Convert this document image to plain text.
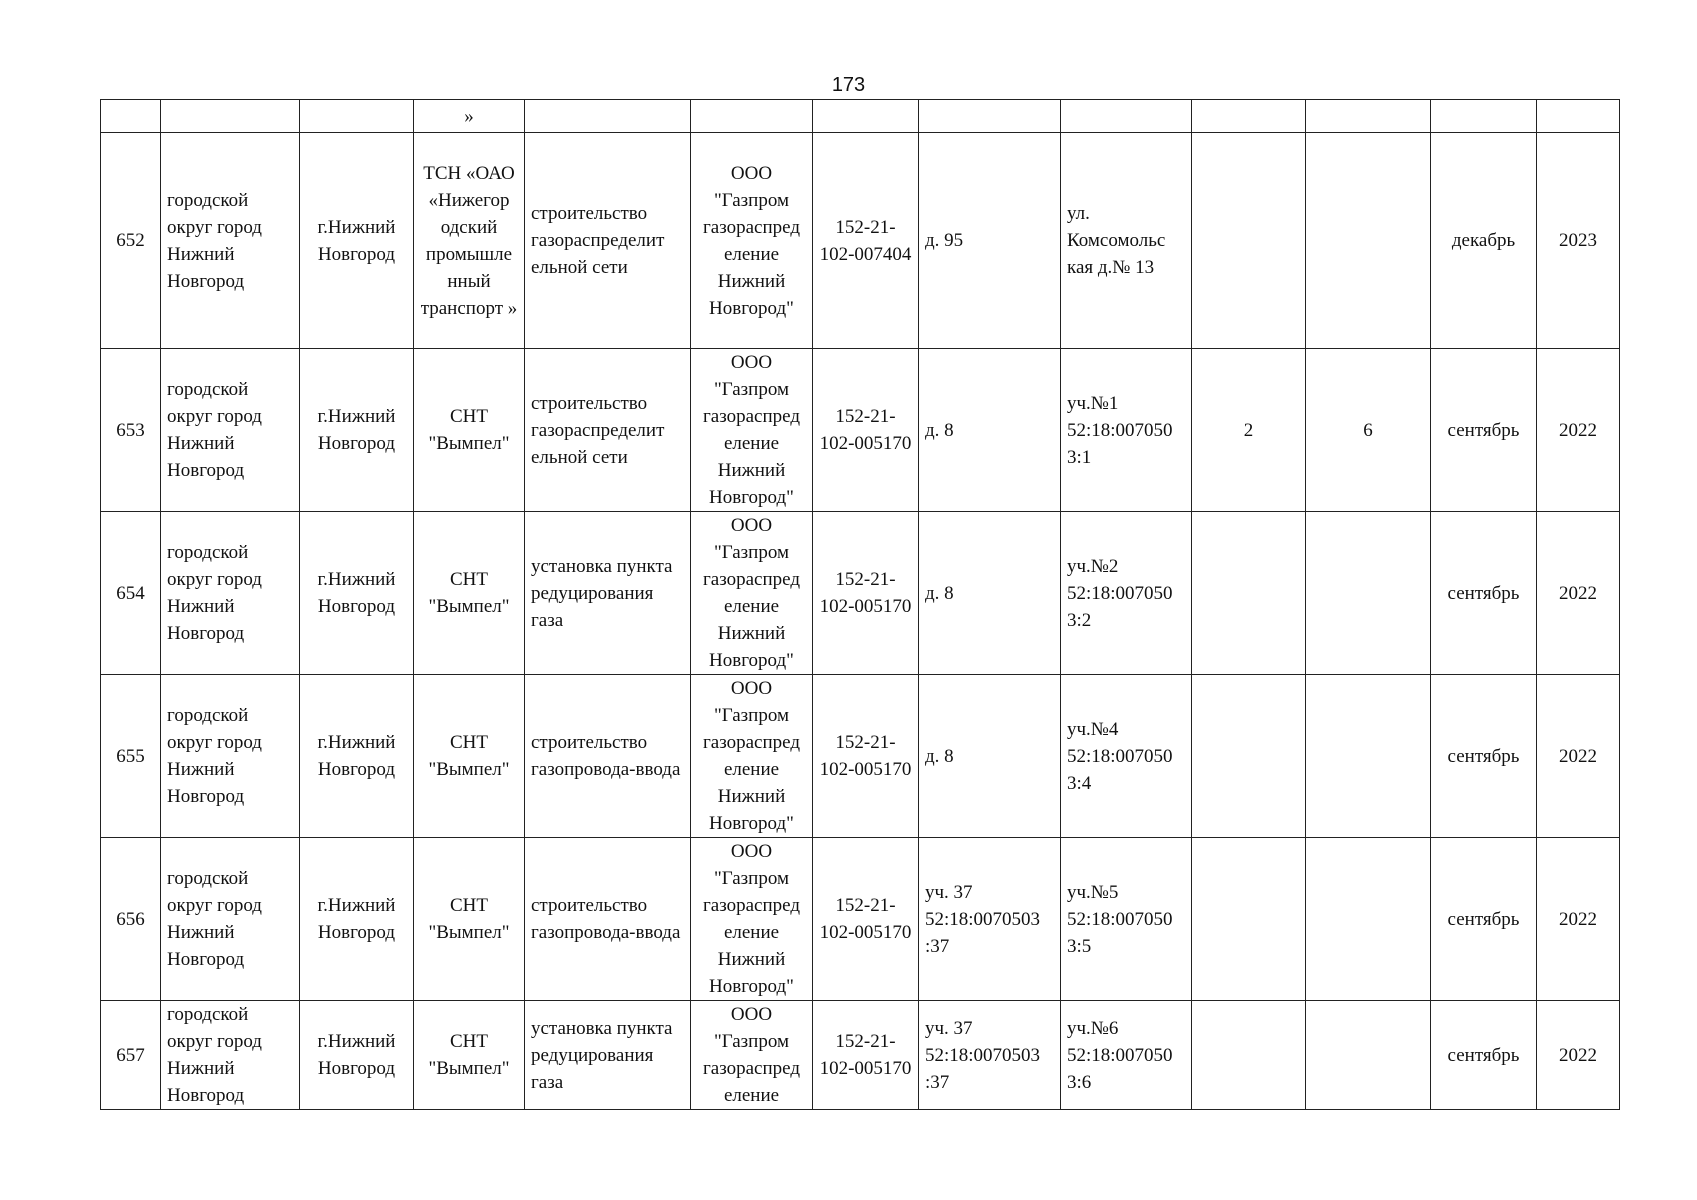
173
			»									
652	городской округ город Нижний Новгород	г.Нижний Новгород	ТСН «ОАО «Нижегор одский промышле нный транспорт »	строительство газораспределит ельной сети	ООО "Газпром газораспред еление Нижний Новгород"	152-21-102-007404	д. 95	ул. Комсомольс кая д.№ 13			декабрь	2023
653	городской округ город Нижний Новгород	г.Нижний Новгород	СНТ "Вымпел"	строительство газораспределит ельной сети	ООО "Газпром газораспред еление Нижний Новгород"	152-21-102-005170	д. 8	уч.№1 52:18:007050 3:1	2	6	сентябрь	2022
654	городской округ город Нижний Новгород	г.Нижний Новгород	СНТ "Вымпел"	установка пункта редуцирования газа	ООО "Газпром газораспред еление Нижний Новгород"	152-21-102-005170	д. 8	уч.№2 52:18:007050 3:2			сентябрь	2022
655	городской округ город Нижний Новгород	г.Нижний Новгород	СНТ "Вымпел"	строительство газопровода-ввода	ООО "Газпром газораспред еление Нижний Новгород"	152-21-102-005170	д. 8	уч.№4 52:18:007050 3:4			сентябрь	2022
656	городской округ город Нижний Новгород	г.Нижний Новгород	СНТ "Вымпел"	строительство газопровода-ввода	ООО "Газпром газораспред еление Нижний Новгород"	152-21-102-005170	уч. 37 52:18:0070503 :37	уч.№5 52:18:007050 3:5			сентябрь	2022
657	городской округ город Нижний Новгород	г.Нижний Новгород	СНТ "Вымпел"	установка пункта редуцирования газа	ООО "Газпром газораспред еление	152-21-102-005170	уч. 37 52:18:0070503 :37	уч.№6 52:18:007050 3:6			сентябрь	2022
